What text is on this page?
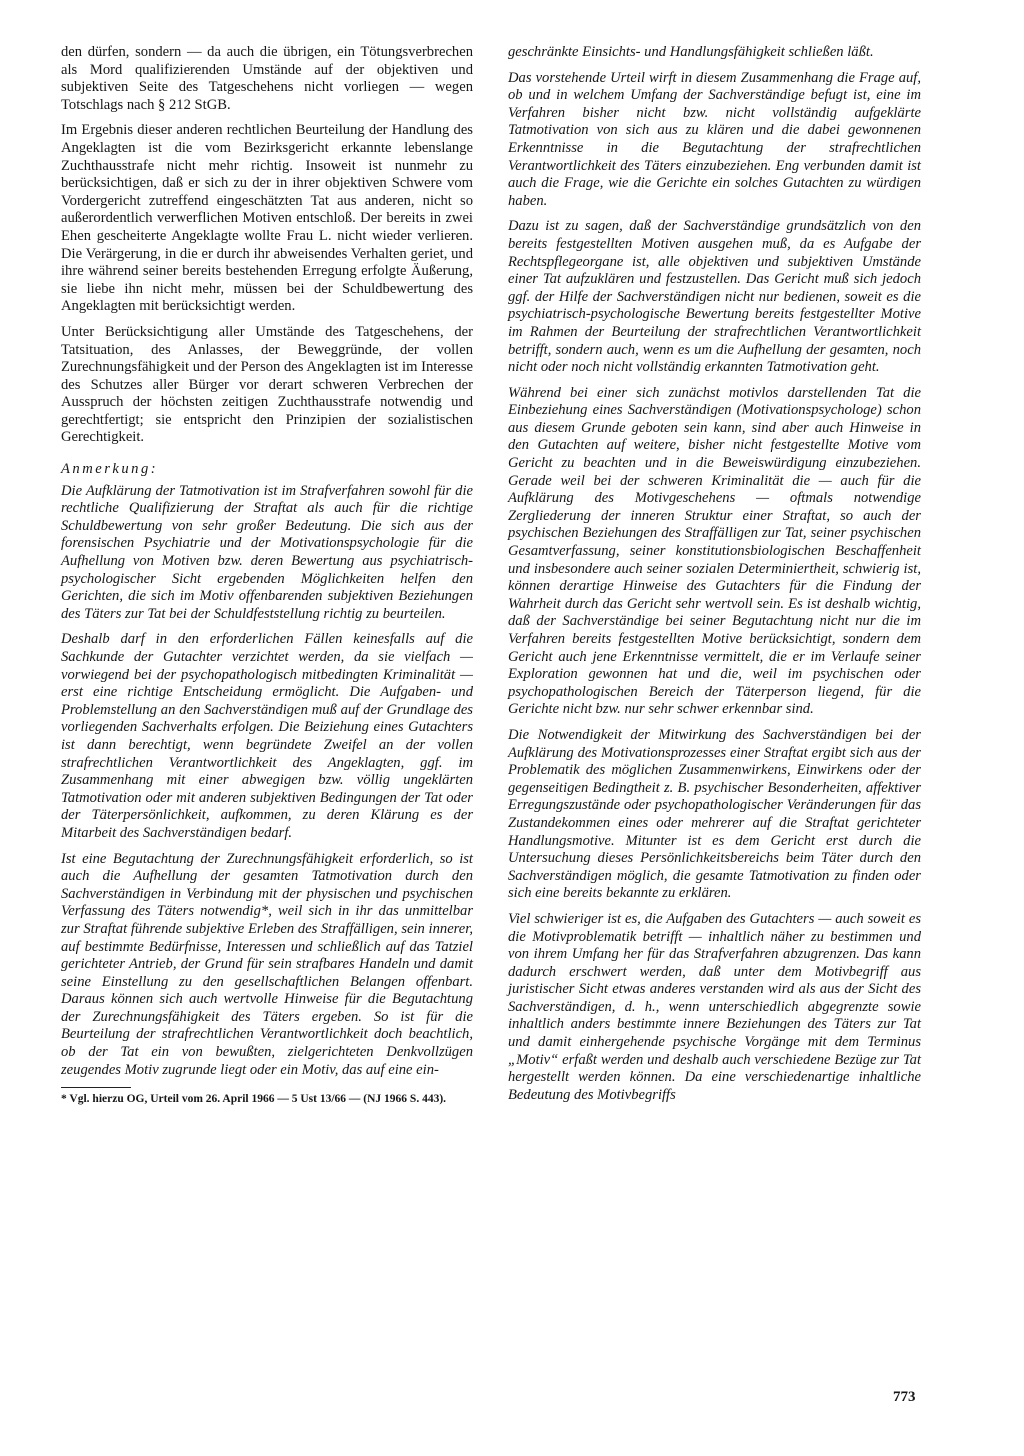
den dürfen, sondern — da auch die übrigen, ein Tötungsverbrechen als Mord qualifizierenden Umstände auf der objektiven und subjektiven Seite des Tatgeschehens nicht vorliegen — wegen Totschlags nach § 212 StGB.

Im Ergebnis dieser anderen rechtlichen Beurteilung der Handlung des Angeklagten ist die vom Bezirksgericht erkannte lebenslange Zuchthausstrafe nicht mehr richtig. Insoweit ist nunmehr zu berücksichtigen, daß er sich zu der in ihrer objektiven Schwere vom Vordergericht zutreffend eingeschätzten Tat aus anderen, nicht so außerordentlich verwerflichen Motiven entschloß. Der bereits in zwei Ehen gescheiterte Angeklagte wollte Frau L. nicht wieder verlieren. Die Verärgerung, in die er durch ihr abweisendes Verhalten geriet, und ihre während seiner bereits bestehenden Erregung erfolgte Äußerung, sie liebe ihn nicht mehr, müssen bei der Schuldbewertung des Angeklagten mit berücksichtigt werden.

Unter Berücksichtigung aller Umstände des Tatgeschehens, der Tatsituation, des Anlasses, der Beweggründe, der vollen Zurechnungsfähigkeit und der Person des Angeklagten ist im Interesse des Schutzes aller Bürger vor derart schweren Verbrechen der Ausspruch der höchsten zeitigen Zuchthausstrafe notwendig und gerechtfertigt; sie entspricht den Prinzipien der sozialistischen Gerechtigkeit.

Anmerkung:

Die Aufklärung der Tatmotivation ist im Strafverfahren sowohl für die rechtliche Qualifizierung der Straftat als auch für die richtige Schuldbewertung von sehr großer Bedeutung. Die sich aus der forensischen Psychiatrie und der Motivationspsychologie für die Aufhellung von Motiven bzw. deren Bewertung aus psychiatrisch-psychologischer Sicht ergebenden Möglichkeiten helfen den Gerichten, die sich im Motiv offenbarenden subjektiven Beziehungen des Täters zur Tat bei der Schuldfeststellung richtig zu beurteilen.

Deshalb darf in den erforderlichen Fällen keinesfalls auf die Sachkunde der Gutachter verzichtet werden, da sie vielfach — vorwiegend bei der psychopathologisch mitbedingten Kriminalität — erst eine richtige Entscheidung ermöglicht. Die Aufgaben- und Problemstellung an den Sachverständigen muß auf der Grundlage des vorliegenden Sachverhalts erfolgen. Die Beiziehung eines Gutachters ist dann berechtigt, wenn begründete Zweifel an der vollen strafrechtlichen Verantwortlichkeit des Angeklagten, ggf. im Zusammenhang mit einer abwegigen bzw. völlig ungeklärten Tatmotivation oder mit anderen subjektiven Bedingungen der Tat oder der Täterpersönlichkeit, aufkommen, zu deren Klärung es der Mitarbeit des Sachverständigen bedarf.

Ist eine Begutachtung der Zurechnungsfähigkeit erforderlich, so ist auch die Aufhellung der gesamten Tatmotivation durch den Sachverständigen in Verbindung mit der physischen und psychischen Verfassung des Täters notwendig*, weil sich in ihr das unmittelbar zur Straftat führende subjektive Erleben des Straffälligen, sein innerer, auf bestimmte Bedürfnisse, Interessen und schließlich auf das Tatziel gerichteter Antrieb, der Grund für sein strafbares Handeln und damit seine Einstellung zu den gesellschaftlichen Belangen offenbart. Daraus können sich auch wertvolle Hinweise für die Begutachtung der Zurechnungsfähigkeit des Täters ergeben. So ist für die Beurteilung der strafrechtlichen Verantwortlichkeit doch beachtlich, ob der Tat ein von bewußten, zielgerichteten Denkvollzügen zeugendes Motiv zugrunde liegt oder ein Motiv, das auf eine ein-

* Vgl. hierzu OG, Urteil vom 26. April 1966 — 5 Ust 13/66 — (NJ 1966 S. 443).

geschränkte Einsichts- und Handlungsfähigkeit schließen läßt.

Das vorstehende Urteil wirft in diesem Zusammenhang die Frage auf, ob und in welchem Umfang der Sachverständige befugt ist, eine im Verfahren bisher nicht bzw. nicht vollständig aufgeklärte Tatmotivation von sich aus zu klären und die dabei gewonnenen Erkenntnisse in die Begutachtung der strafrechtlichen Verantwortlichkeit des Täters einzubeziehen. Eng verbunden damit ist auch die Frage, wie die Gerichte ein solches Gutachten zu würdigen haben.

Dazu ist zu sagen, daß der Sachverständige grundsätzlich von den bereits festgestellten Motiven ausgehen muß, da es Aufgabe der Rechtspflegeorgane ist, alle objektiven und subjektiven Umstände einer Tat aufzuklären und festzustellen. Das Gericht muß sich jedoch ggf. der Hilfe der Sachverständigen nicht nur bedienen, soweit es die psychiatrisch-psychologische Bewertung bereits festgestellter Motive im Rahmen der Beurteilung der strafrechtlichen Verantwortlichkeit betrifft, sondern auch, wenn es um die Aufhellung der gesamten, noch nicht oder noch nicht vollständig erkannten Tatmotivation geht.

Während bei einer sich zunächst motivlos darstellenden Tat die Einbeziehung eines Sachverständigen (Motivationspsychologe) schon aus diesem Grunde geboten sein kann, sind aber auch Hinweise in den Gutachten auf weitere, bisher nicht festgestellte Motive vom Gericht zu beachten und in die Beweiswürdigung einzubeziehen. Gerade weil bei der schweren Kriminalität die — auch für die Aufklärung des Motivgeschehens — oftmals notwendige Zergliederung der inneren Struktur einer Straftat, so auch der psychischen Beziehungen des Straffälligen zur Tat, seiner psychischen Gesamtverfassung, seiner konstitutionsbiologischen Beschaffenheit und insbesondere auch seiner sozialen Determiniertheit, schwierig ist, können derartige Hinweise des Gutachters für die Findung der Wahrheit durch das Gericht sehr wertvoll sein. Es ist deshalb wichtig, daß der Sachverständige bei seiner Begutachtung nicht nur die im Verfahren bereits festgestellten Motive berücksichtigt, sondern dem Gericht auch jene Erkenntnisse vermittelt, die er im Verlaufe seiner Exploration gewonnen hat und die, weil im psychischen oder psychopathologischen Bereich der Täterperson liegend, für die Gerichte nicht bzw. nur sehr schwer erkennbar sind.

Die Notwendigkeit der Mitwirkung des Sachverständigen bei der Aufklärung des Motivationsprozesses einer Straftat ergibt sich aus der Problematik des möglichen Zusammenwirkens, Einwirkens oder der gegenseitigen Bedingtheit z. B. psychischer Besonderheiten, affektiver Erregungszustände oder psychopathologischer Veränderungen für das Zustandekommen eines oder mehrerer auf die Straftat gerichteter Handlungsmotive. Mitunter ist es dem Gericht erst durch die Untersuchung dieses Persönlichkeitsbereichs beim Täter durch den Sachverständigen möglich, die gesamte Tatmotivation zu finden oder sich eine bereits bekannte zu erklären.

Viel schwieriger ist es, die Aufgaben des Gutachters — auch soweit es die Motivproblematik betrifft — inhaltlich näher zu bestimmen und von ihrem Umfang her für das Strafverfahren abzugrenzen. Das kann dadurch erschwert werden, daß unter dem Motivbegriff aus juristischer Sicht etwas anderes verstanden wird als aus der Sicht des Sachverständigen, d. h., wenn unterschiedlich abgegrenzte sowie inhaltlich anders bestimmte innere Beziehungen des Täters zur Tat und damit einhergehende psychische Vorgänge mit dem Terminus „Motiv“ erfaßt werden und deshalb auch verschiedene Bezüge zur Tat hergestellt werden können. Da eine verschiedenartige inhaltliche Bedeutung des Motivbegriffs

773
